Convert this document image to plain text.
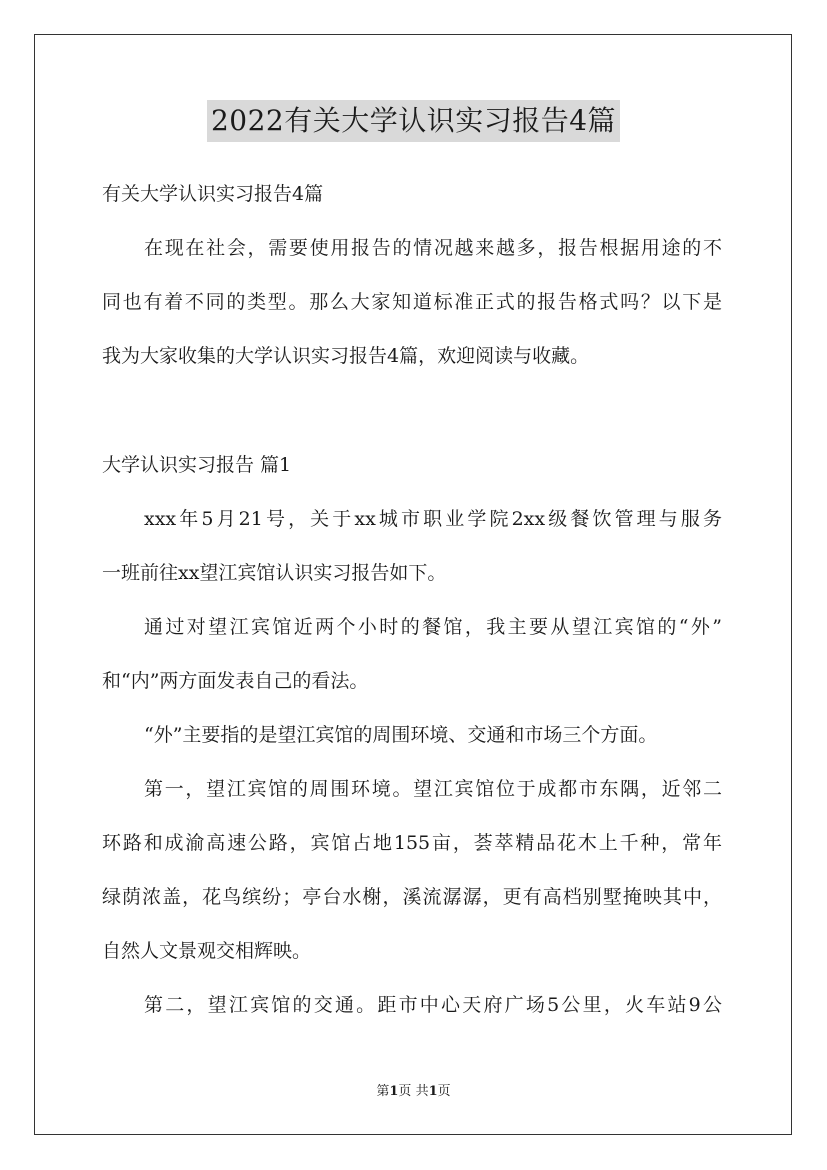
2022有关大学认识实习报告4篇
有关大学认识实习报告4篇
在现在社会，需要使用报告的情况越来越多，报告根据用途的不
同也有着不同的类型。那么大家知道标准正式的报告格式吗？以下是
我为大家收集的大学认识实习报告4篇，欢迎阅读与收藏。
大学认识实习报告 篇1
xxx年5月21号，关于xx城市职业学院2xx级餐饮管理与服务
一班前往xx望江宾馆认识实习报告如下。
通过对望江宾馆近两个小时的餐馆，我主要从望江宾馆的“外”
和“内”两方面发表自己的看法。
“外”主要指的是望江宾馆的周围环境、交通和市场三个方面。
第一，望江宾馆的周围环境。望江宾馆位于成都市东隅，近邻二
环路和成渝高速公路，宾馆占地155亩，荟萃精品花木上千种，常年
绿荫浓盖，花鸟缤纷；亭台水榭，溪流潺潺，更有高档别墅掩映其中，
自然人文景观交相辉映。
第二，望江宾馆的交通。距市中心天府广场5公里，火车站9公
第1页 共1页
